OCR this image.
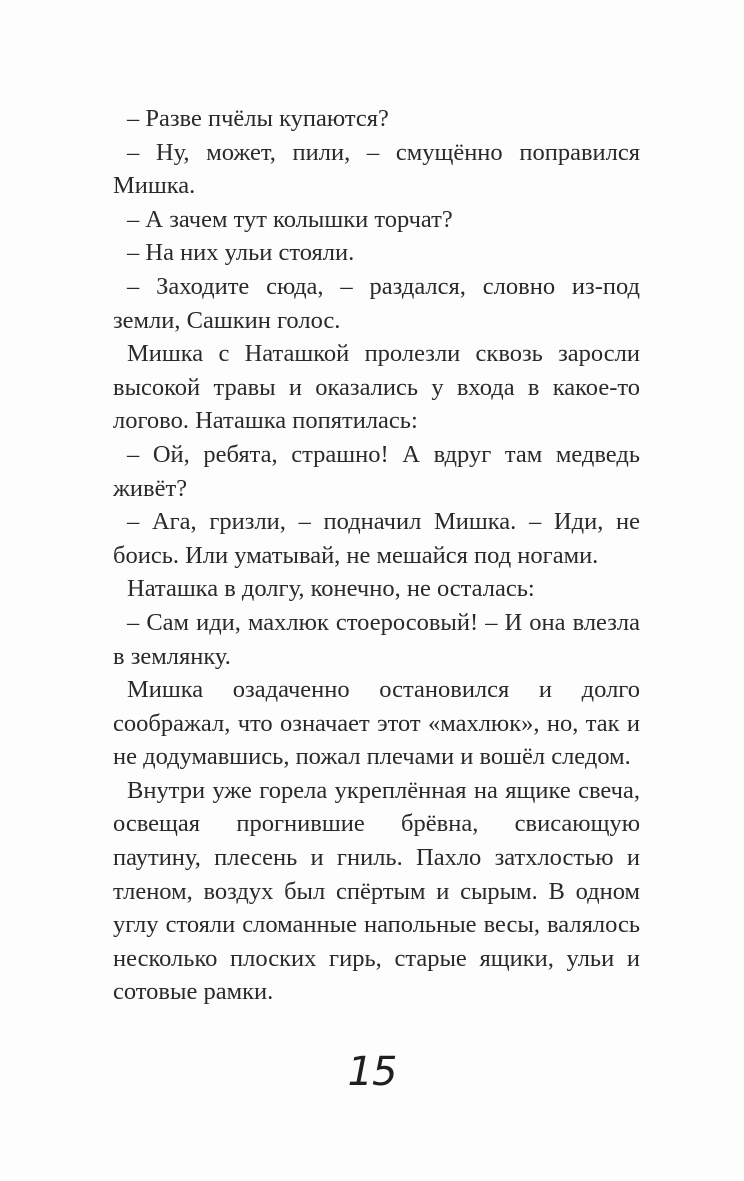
– Разве пчёлы купаются?

– Ну, может, пили, – смущённо поправился Мишка.

– А зачем тут колышки торчат?

– На них ульи стояли.

– Заходите сюда, – раздался, словно из-под земли, Сашкин голос.

Мишка с Наташкой пролезли сквозь заросли высокой травы и оказались у входа в какое-то логово. Наташка попятилась:

– Ой, ребята, страшно! А вдруг там медведь живёт?

– Ага, гризли, – подначил Мишка. – Иди, не боись. Или уматывай, не мешайся под ногами.

Наташка в долгу, конечно, не осталась:

– Сам иди, махлюк стоеросовый! – И она влезла в землянку.

Мишка озадаченно остановился и долго соображал, что означает этот «махлюк», но, так и не додумавшись, пожал плечами и вошёл следом.

Внутри уже горела укреплённая на ящике свеча, освещая прогнившие брёвна, свисающую паутину, плесень и гниль. Пахло затхлостью и тленом, воздух был спёртым и сырым. В одном углу стояли сломанные напольные весы, валялось несколько плоских гирь, старые ящики, ульи и сотовые рамки.

15
